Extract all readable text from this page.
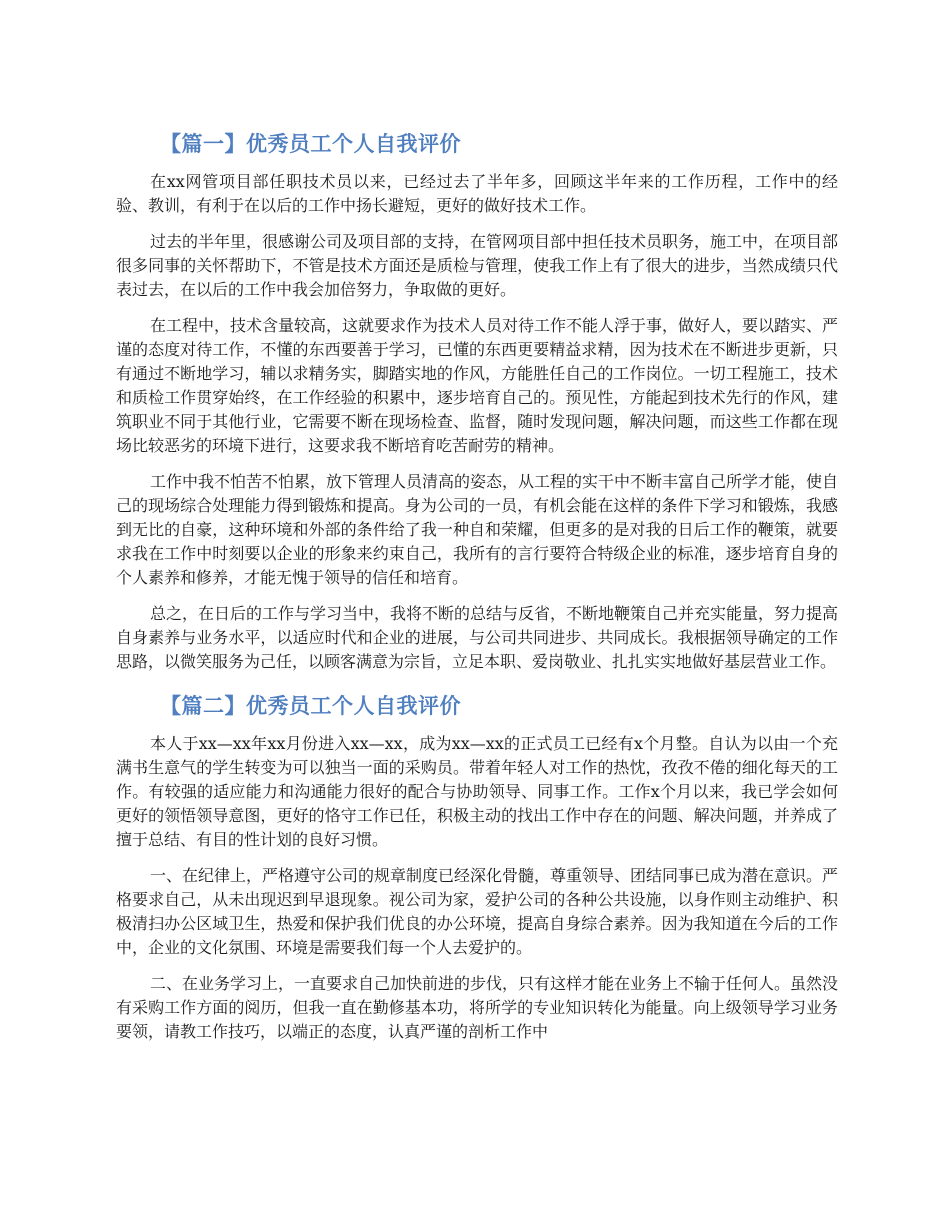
【篇一】优秀员工个人自我评价

在xx网管项目部任职技术员以来，已经过去了半年多，回顾这半年来的工作历程，工作中的经验、教训，有利于在以后的工作中扬长避短，更好的做好技术工作。

过去的半年里，很感谢公司及项目部的支持，在管网项目部中担任技术员职务，施工中，在项目部很多同事的关怀帮助下，不管是技术方面还是质检与管理，使我工作上有了很大的进步，当然成绩只代表过去，在以后的工作中我会加倍努力，争取做的更好。

在工程中，技术含量较高，这就要求作为技术人员对待工作不能人浮于事，做好人，要以踏实、严谨的态度对待工作，不懂的东西要善于学习，已懂的东西更要精益求精，因为技术在不断进步更新，只有通过不断地学习，辅以求精务实，脚踏实地的作风，方能胜任自己的工作岗位。一切工程施工，技术和质检工作贯穿始终，在工作经验的积累中，逐步培育自己的。预见性，方能起到技术先行的作风，建筑职业不同于其他行业，它需要不断在现场检查、监督，随时发现问题，解决问题，而这些工作都在现场比较恶劣的环境下进行，这要求我不断培育吃苦耐劳的精神。

工作中我不怕苦不怕累，放下管理人员清高的姿态，从工程的实干中不断丰富自己所学才能，使自己的现场综合处理能力得到锻炼和提高。身为公司的一员，有机会能在这样的条件下学习和锻炼，我感到无比的自豪，这种环境和外部的条件给了我一种自和荣耀，但更多的是对我的日后工作的鞭策，就要求我在工作中时刻要以企业的形象来约束自己，我所有的言行要符合特级企业的标准，逐步培育自身的个人素养和修养，才能无愧于领导的信任和培育。

总之，在日后的工作与学习当中，我将不断的总结与反省，不断地鞭策自己并充实能量，努力提高自身素养与业务水平，以适应时代和企业的进展，与公司共同进步、共同成长。我根据领导确定的工作思路，以微笑服务为己任，以顾客满意为宗旨，立足本职、爱岗敬业、扎扎实实地做好基层营业工作。

【篇二】优秀员工个人自我评价

本人于xx—xx年xx月份进入xx—xx，成为xx—xx的正式员工已经有x个月整。自认为以由一个充满书生意气的学生转变为可以独当一面的采购员。带着年轻人对工作的热忱，孜孜不倦的细化每天的工作。有较强的适应能力和沟通能力很好的配合与协助领导、同事工作。工作x个月以来，我已学会如何更好的领悟领导意图，更好的恪守工作已任，积极主动的找出工作中存在的问题、解决问题，并养成了擅于总结、有目的性计划的良好习惯。

一、在纪律上，严格遵守公司的规章制度已经深化骨髓，尊重领导、团结同事已成为潜在意识。严格要求自己，从未出现迟到早退现象。视公司为家，爱护公司的各种公共设施，以身作则主动维护、积极清扫办公区域卫生，热爱和保护我们优良的办公环境，提高自身综合素养。因为我知道在今后的工作中，企业的文化氛围、环境是需要我们每一个人去爱护的。

二、在业务学习上，一直要求自己加快前进的步伐，只有这样才能在业务上不输于任何人。虽然没有采购工作方面的阅历，但我一直在勤修基本功，将所学的专业知识转化为能量。向上级领导学习业务要领，请教工作技巧，以端正的态度，认真严谨的剖析工作中
